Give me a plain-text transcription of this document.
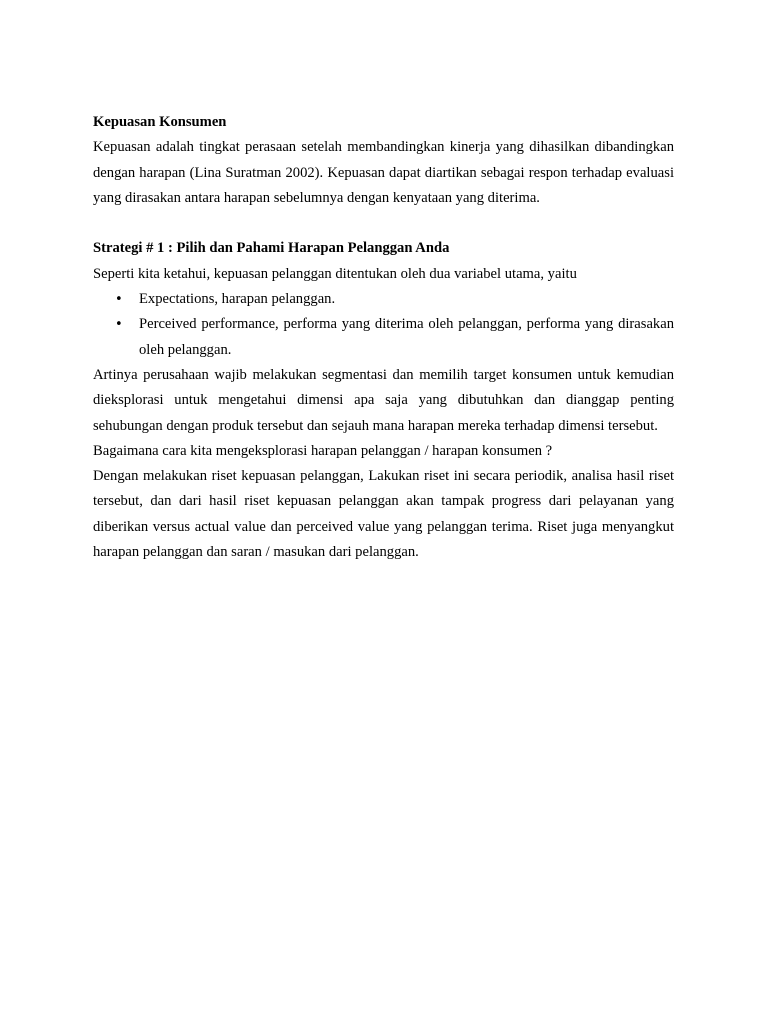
Kepuasan Konsumen

Kepuasan adalah tingkat perasaan setelah membandingkan kinerja yang dihasilkan dibandingkan dengan harapan (Lina Suratman 2002). Kepuasan dapat diartikan sebagai respon terhadap evaluasi yang dirasakan antara harapan sebelumnya dengan kenyataan yang diterima.

Strategi # 1 : Pilih dan Pahami Harapan Pelanggan Anda

Seperti kita ketahui, kepuasan pelanggan ditentukan oleh dua variabel utama, yaitu

• Expectations, harapan pelanggan.
• Perceived performance, performa yang diterima oleh pelanggan, performa yang dirasakan oleh pelanggan.

Artinya perusahaan wajib melakukan segmentasi dan memilih target konsumen untuk kemudian dieksplorasi untuk mengetahui dimensi apa saja yang dibutuhkan dan dianggap penting sehubungan dengan produk tersebut dan sejauh mana harapan mereka terhadap dimensi tersebut.

Bagaimana cara kita mengeksplorasi harapan pelanggan / harapan konsumen ?

Dengan melakukan riset kepuasan pelanggan, Lakukan riset ini secara periodik, analisa hasil riset tersebut, dan dari hasil riset kepuasan pelanggan akan tampak progress dari pelayanan yang diberikan versus actual value dan perceived value yang pelanggan terima. Riset juga menyangkut harapan pelanggan dan saran / masukan dari pelanggan.
